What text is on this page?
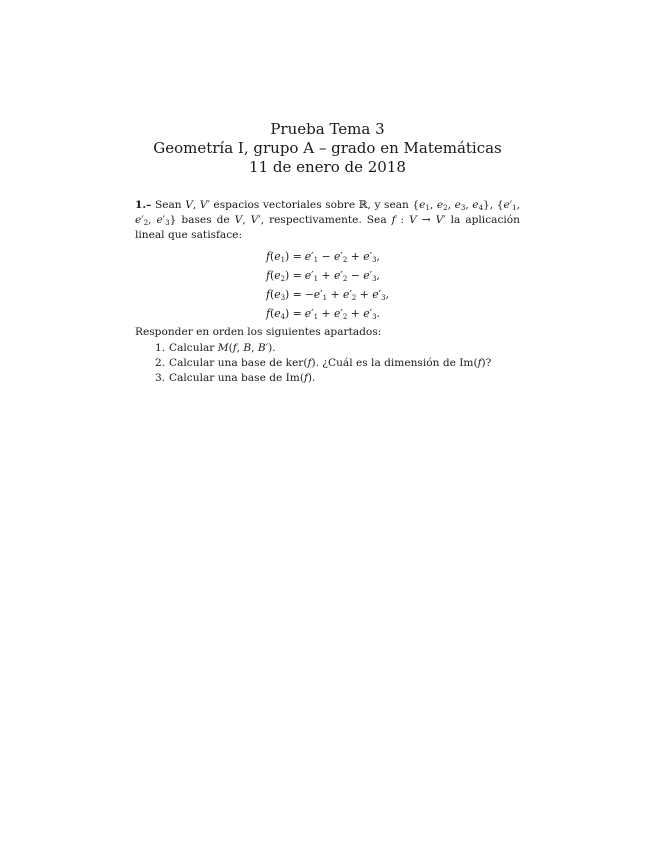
Prueba Tema 3
Geometría I, grupo A – grado en Matemáticas
11 de enero de 2018

1.– Sean V, V′ espacios vectoriales sobre ℝ, y sean {$e_1$, $e_2$, $e_3$, $e_4$}, {$e'_1$, $e'_2$, $e'_3$} bases de V, V′, respectivamente. Sea f : V → V′ la aplicación lineal que satisface:

$f(e_1) = e'_1 - e'_2 + e'_3$,
$f(e_2) = e'_1 + e'_2 - e'_3$,
$f(e_3) = -e'_1 + e'_2 + e'_3$,
$f(e_4) = e'_1 + e'_2 + e'_3$.

Responder en orden los siguientes apartados:

1. Calcular M(f, B, B′).
2. Calcular una base de ker(f). ¿Cuál es la dimensión de Im(f)?
3. Calcular una base de Im(f).
